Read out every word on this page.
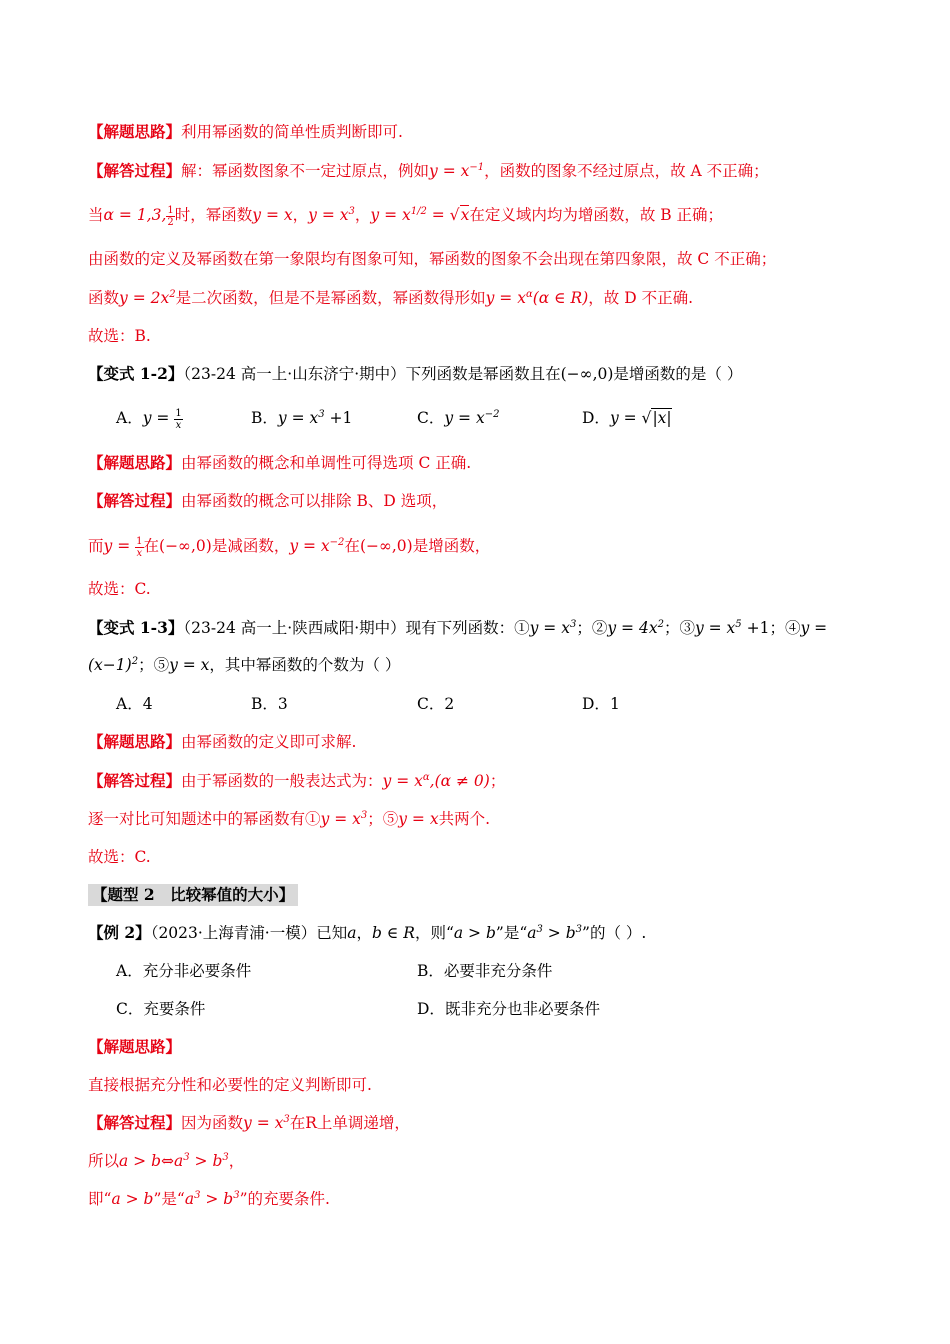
【解题思路】利用幂函数的简单性质判断即可.
【解答过程】解：幂函数图象不一定过原点，例如$y = x^{-1}$，函数的图象不经过原点，故 A 不正确；
当α = 1,3, $\frac{1}{2}$ 时，幂函数y = x，$y = x^3$，$y = x^{1/2} = √x$在定义域内均为增函数，故 B 正确；
由函数的定义及幂函数在第一象限均有图象可知，幂函数的图象不会出现在第四象限，故 C 不正确；
函数$y = 2x^2$是二次函数，但是不是幂函数，幂函数得形如$y = x^\alpha(\alpha$ ∈ R)，故 D 不正确.
故选：B.
【变式 1-2】（23-24 高一上·山东济宁·期中）下列函数是幂函数且在(−∞,0)是增函数的是（ ）
A．$y = \frac{1}{x}$	B．$y = x^3 +1$	C．$y = x^{-2}$	D．y = √|x|
【解题思路】由幂函数的概念和单调性可得选项 C 正确.
【解答过程】由幂函数的概念可以排除 B、D 选项，
而$y = \frac{1}{x}$ 在(−∞,0)是减函数，$y = x^{-2}$在(−∞,0)是增函数，
故选：C.
【变式 1-3】（23-24 高一上·陕西咸阳·期中）现有下列函数：①y = $x^3$；②y = $4x^2$；③y = $x^5 +1$；④y =
$(x-1)^2$；⑤y = x，其中幂函数的个数为（ ）
A．4	B．3	C．2	D．1
【解题思路】由幂函数的定义即可求解.
【解答过程】由于幂函数的一般表达式为：$y = x^\alpha,(\alpha \ne 0)$；
逐一对比可知题述中的幂函数有①y = $x^3$；⑤y = x共两个.
故选：C.
【题型 2　比较幂值的大小】
【例 2】（2023·上海青浦·一模）已知a，b ∈ R，则“a > b”是“$a^3 > b^3$”的（ ）.
A．充分非必要条件	B．必要非充分条件
C．充要条件	D．既非充分也非必要条件
【解题思路】
直接根据充分性和必要性的定义判断即可.
【解答过程】因为函数$y = x^3$在R上单调递增，
所以$a > b\Leftrightarrow a^3 > b^3$，
即“a > b”是“$a^3 > b^3$”的充要条件.
